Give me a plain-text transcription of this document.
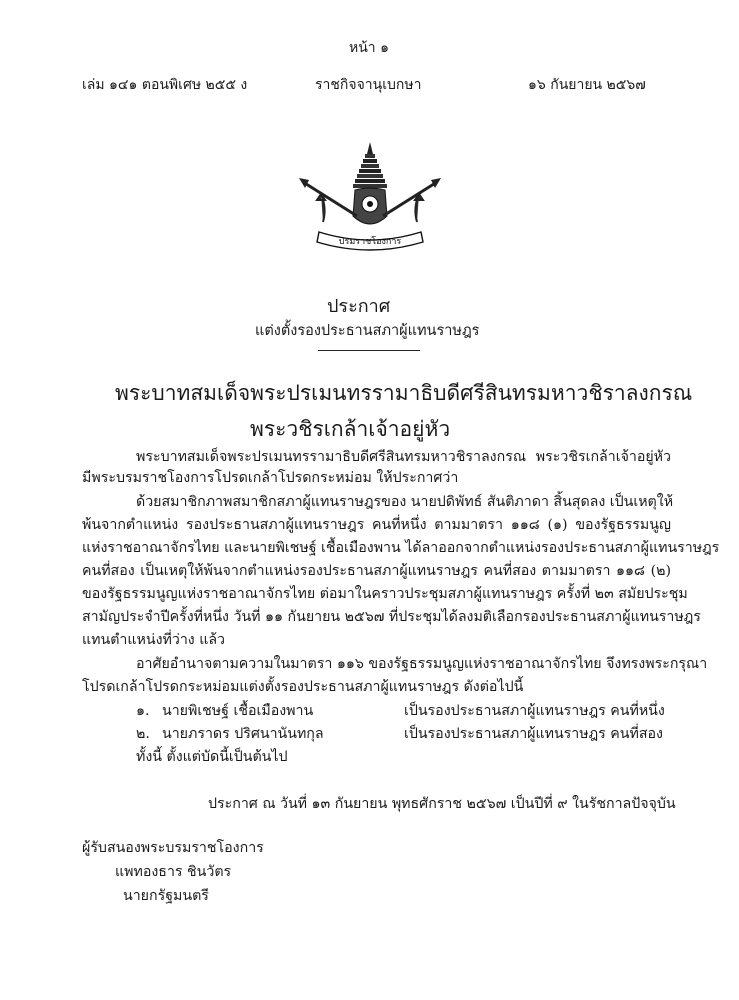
หน้า ๑
เล่ม ๑๔๑ ตอนพิเศษ ๒๕๕ ง	ราชกิจจานุเบกษา	๑๖ กันยายน ๒๕๖๗
ปรมราชโองการ
ประกาศ
แต่งตั้งรองประธานสภาผู้แทนราษฎร
พระบาทสมเด็จพระปรเมนทรรามาธิบดีศรีสินทรมหาวชิราลงกรณ
พระวชิรเกล้าเจ้าอยู่หัว
พระบาทสมเด็จพระปรเมนทรรามาธิบดีศรีสินทรมหาวชิราลงกรณ พระวชิรเกล้าเจ้าอยู่หัว
มีพระบรมราชโองการโปรดเกล้าโปรดกระหม่อม ให้ประกาศว่า
ด้วยสมาชิกภาพสมาชิกสภาผู้แทนราษฎรของ นายปดิพัทธ์ สันติภาดา สิ้นสุดลง เป็นเหตุให้
พ้นจากตำแหน่ง รองประธานสภาผู้แทนราษฎร คนที่หนึ่ง ตามมาตรา ๑๑๘ (๑) ของรัฐธรรมนูญ
แห่งราชอาณาจักรไทย และนายพิเชษฐ์ เชื้อเมืองพาน ได้ลาออกจากตำแหน่งรองประธานสภาผู้แทนราษฎร
คนที่สอง เป็นเหตุให้พ้นจากตำแหน่งรองประธานสภาผู้แทนราษฎร คนที่สอง ตามมาตรา ๑๑๘ (๒)
ของรัฐธรรมนูญแห่งราชอาณาจักรไทย ต่อมาในคราวประชุมสภาผู้แทนราษฎร ครั้งที่ ๒๓ สมัยประชุม
สามัญประจำปีครั้งที่หนึ่ง วันที่ ๑๑ กันยายน ๒๕๖๗ ที่ประชุมได้ลงมติเลือกรองประธานสภาผู้แทนราษฎร
แทนตำแหน่งที่ว่าง แล้ว
อาศัยอำนาจตามความในมาตรา ๑๑๖ ของรัฐธรรมนูญแห่งราชอาณาจักรไทย จึงทรงพระกรุณา
โปรดเกล้าโปรดกระหม่อมแต่งตั้งรองประธานสภาผู้แทนราษฎร ดังต่อไปนี้
๑. นายพิเชษฐ์ เชื้อเมืองพาน	เป็นรองประธานสภาผู้แทนราษฎร คนที่หนึ่ง
๒. นายภราดร ปริศนานันทกุล	เป็นรองประธานสภาผู้แทนราษฎร คนที่สอง
ทั้งนี้ ตั้งแต่บัดนี้เป็นต้นไป
ประกาศ ณ วันที่ ๑๓ กันยายน พุทธศักราช ๒๕๖๗ เป็นปีที่ ๙ ในรัชกาลปัจจุบัน
ผู้รับสนองพระบรมราชโองการ
แพทองธาร ชินวัตร
นายกรัฐมนตรี
